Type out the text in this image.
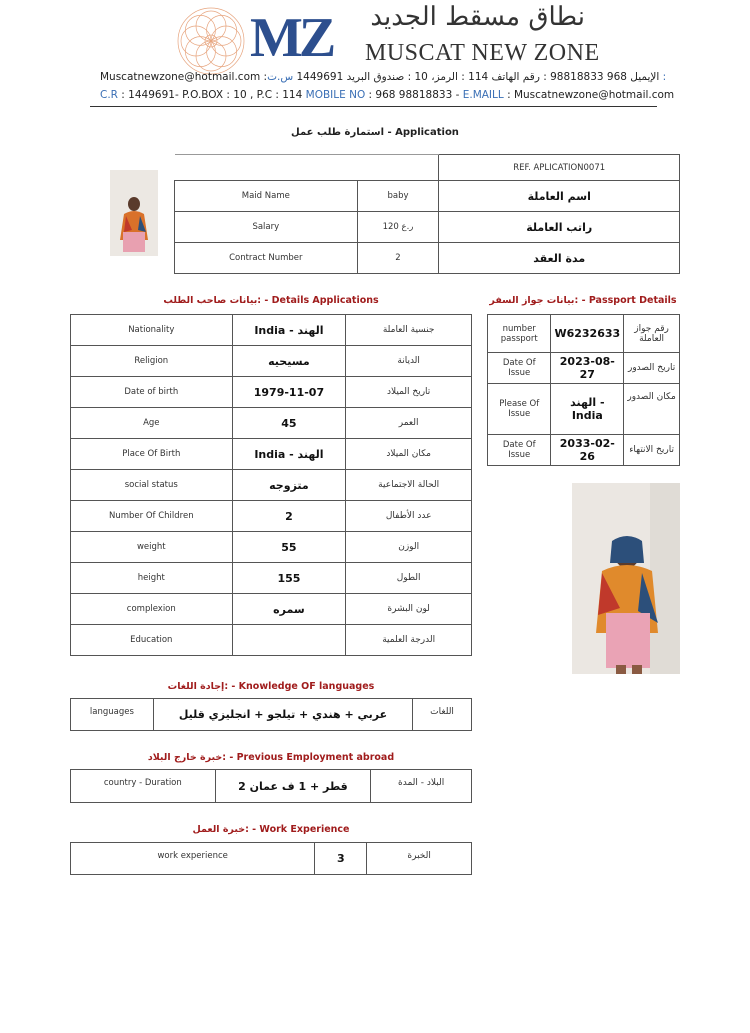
MZ نطاق مسقط الجديد
MUSCAT NEW ZONE
Muscatnewzone@hotmail.com :الإيميل 968 98818833 : رقم الهاتف 114 : الرمز، 10 : صندوق البريد 1449691 س.ت :
C.R : 1449691- P.O.BOX : 10 , P.C : 114 MOBILE NO : 968 98818833 - E.MAILL : Muscatnewzone@hotmail.com
استمارة طلب عمل - Application
		REF. APLICATION0071
Maid Name	baby	اسم العاملة
Salary	120 ر.ع	راتب العاملة
Contract Number	2	مدة العقد
بيانات صاحب الطلب: - Details Applications
Nationality	India - الهند	جنسية العاملة
Religion	مسيحيه	الديانة
Date of birth	1979-11-07	تاريخ الميلاد
Age	45	العمر
Place Of Birth	India - الهند	مكان الميلاد
social status	متزوجه	الحالة الاجتماعية
Number Of Children	2	عدد الأطفال
weight	55	الوزن
height	155	الطول
complexion	سمره	لون البشرة
Education		الدرجة العلمية
بيانات جواز السفر: - Passport Details
number passport	W6232633	رقم جواز العاملة
Date Of Issue	2023-08-27	تاريخ الصدور
Please Of Issue	الهند - India	مكان الصدور
Date Of Issue	2033-02-26	تاريخ الانتهاء
إجادة اللغات: - Knowledge OF languages
languages	عربي + هندي + تيلجو + انجليزي قليل	اللغات
خبرة خارج البلاد: - Previous Employment abroad
country - Duration	2 قطر + 1 ف عمان	البلاد - المدة
خبرة العمل: - Work Experience
work experience	3	الخبرة
